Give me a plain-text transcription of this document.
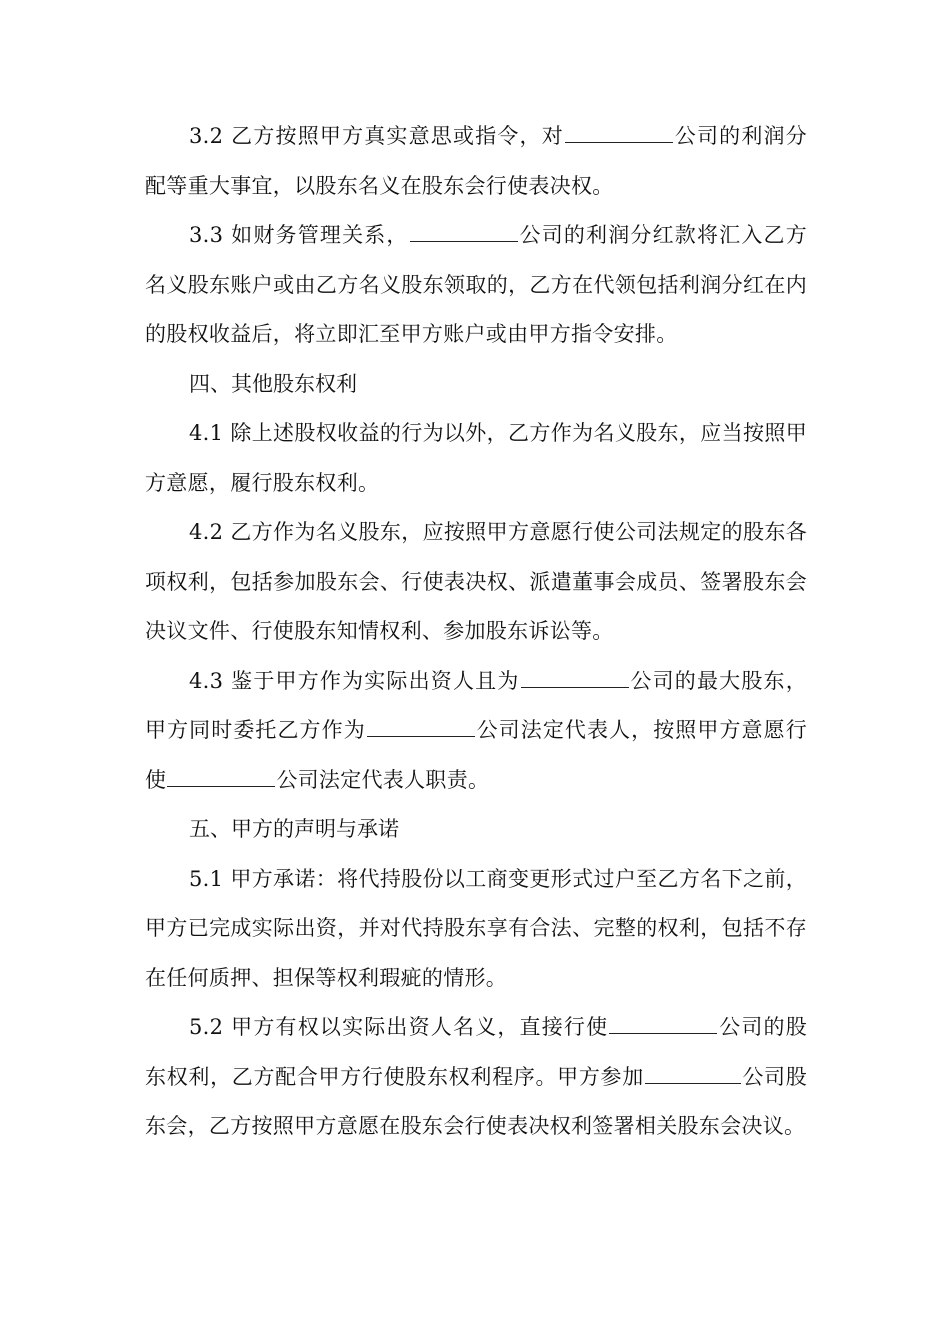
3.2 乙方按照甲方真实意思或指令，对	公司的利润分配等重大事宜，以股东名义在股东会行使表决权。

3.3 如财务管理关系，	公司的利润分红款将汇入乙方名义股东账户或由乙方名义股东领取的，乙方在代领包括利润分红在内的股权收益后，将立即汇至甲方账户或由甲方指令安排。

四、其他股东权利

4.1 除上述股权收益的行为以外，乙方作为名义股东，应当按照甲方意愿，履行股东权利。

4.2 乙方作为名义股东，应按照甲方意愿行使公司法规定的股东各项权利，包括参加股东会、行使表决权、派遣董事会成员、签署股东会决议文件、行使股东知情权利、参加股东诉讼等。

4.3 鉴于甲方作为实际出资人且为	公司的最大股东，甲方同时委托乙方作为	公司法定代表人，按照甲方意愿行使	公司法定代表人职责。

五、甲方的声明与承诺

5.1 甲方承诺：将代持股份以工商变更形式过户至乙方名下之前，甲方已完成实际出资，并对代持股东享有合法、完整的权利，包括不存在任何质押、担保等权利瑕疵的情形。

5.2 甲方有权以实际出资人名义，直接行使	公司的股东权利，乙方配合甲方行使股东权利程序。甲方参加	公司股东会，乙方按照甲方意愿在股东会行使表决权利签署相关股东会决议。
